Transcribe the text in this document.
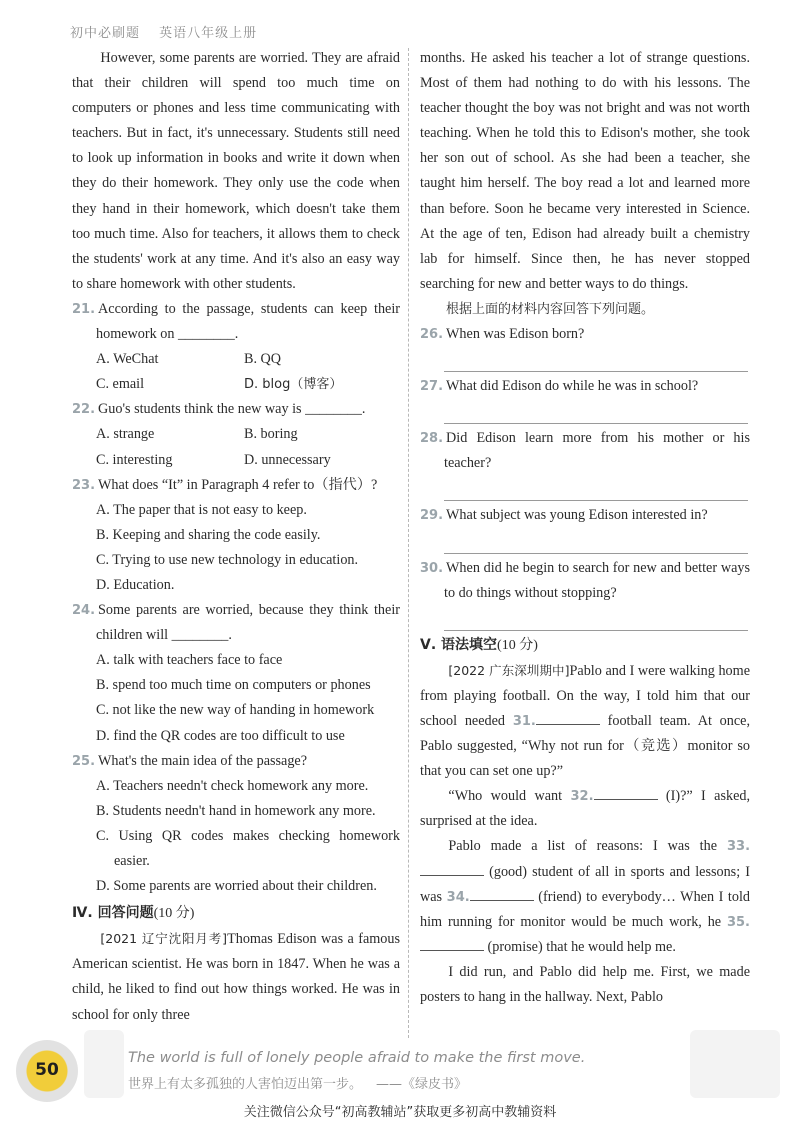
初中必刷题 英语八年级上册

However, some parents are worried. They are afraid that their children will spend too much time on computers or phones and less time communicating with teachers. But in fact, it's unnecessary. Students still need to look up information in books and write it down when they do their homework. They only use the code when they hand in their homework, which doesn't take them too much time. Also for teachers, it allows them to check the students' work at any time. And it's also an easy way to share homework with other students.

21. According to the passage, students can keep their homework on ________.

A. WeChat	B. QQ
C. email	D. blog（博客）

22. Guo's students think the new way is ________.

A. strange	B. boring
C. interesting	D. unnecessary

23. What does “It” in Paragraph 4 refer to（指代）?

A. The paper that is not easy to keep.

B. Keeping and sharing the code easily.

C. Trying to use new technology in education.

D. Education.

24. Some parents are worried, because they think their children will ________.

A. talk with teachers face to face

B. spend too much time on computers or phones

C. not like the new way of handing in homework

D. find the QR codes are too difficult to use

25. What's the main idea of the passage?

A. Teachers needn't check homework any more.

B. Students needn't hand in homework any more.

C. Using QR codes makes checking homework easier.

D. Some parents are worried about their children.

Ⅳ. 回答问题(10 分)

[2021 辽宁沈阳月考]Thomas Edison was a famous American scientist. He was born in 1847. When he was a child, he liked to find out how things worked. He was in school for only three

months. He asked his teacher a lot of strange questions. Most of them had nothing to do with his lessons. The teacher thought the boy was not bright and was not worth teaching. When he told this to Edison's mother, she took her son out of school. As she had been a teacher, she taught him herself. The boy read a lot and learned more than before. Soon he became very interested in Science. At the age of ten, Edison had already built a chemistry lab for himself. Since then, he has never stopped searching for new and better ways to do things.

根据上面的材料内容回答下列问题。

26. When was Edison born?

27. What did Edison do while he was in school?

28. Did Edison learn more from his mother or his teacher?

29. What subject was young Edison interested in?

30. When did he begin to search for new and better ways to do things without stopping?

Ⅴ. 语法填空(10 分)

[2022 广东深圳期中]Pablo and I were walking home from playing football. On the way, I told him that our school needed 31.	football team. At once, Pablo suggested, “Why not run for（竞选）monitor so that you can set one up?”

“Who would want 32.	(I)?” I asked, surprised at the idea.

Pablo made a list of reasons: I was the 33. (good) student of all in sports and lessons; I was 34.	(friend) to everybody… When I told him running for monitor would be much work, he 35. (promise) that he would help me.

I did run, and Pablo did help me. First, we made posters to hang in the hallway. Next, Pablo

50
The world is full of lonely people afraid to make the first move.
世界上有太多孤独的人害怕迈出第一步。 ——《绿皮书》
关注微信公众号“初高教辅站”获取更多初高中教辅资料
